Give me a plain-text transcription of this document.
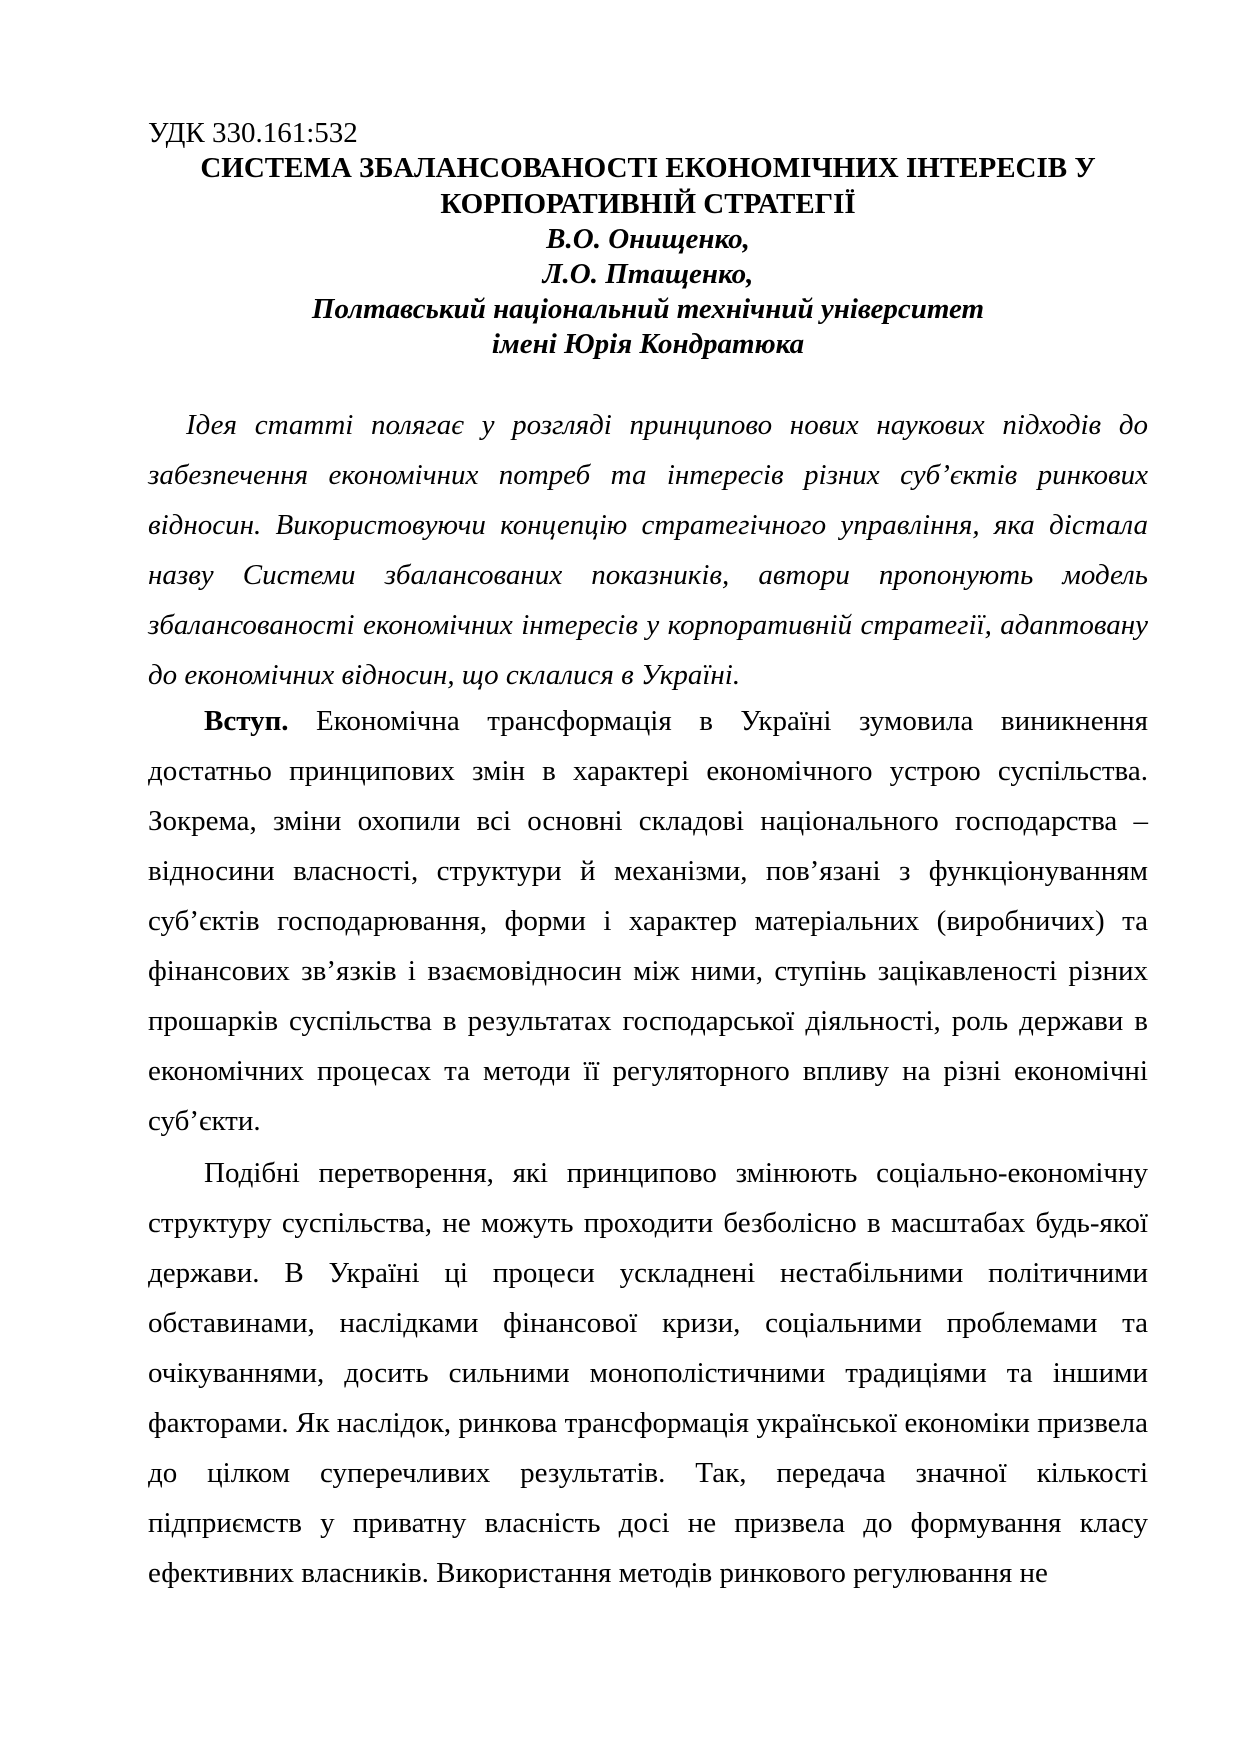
УДК 330.161:532
СИСТЕМА ЗБАЛАНСОВАНОСТІ ЕКОНОМІЧНИХ ІНТЕРЕСІВ У
КОРПОРАТИВНІЙ СТРАТЕГІЇ
В.О. Онищенко,
Л.О. Птащенко,
Полтавський національний технічний університет
імені Юрія Кондратюка

Ідея статті полягає у розгляді принципово нових наукових підходів до забезпечення економічних потреб та інтересів різних суб’єктів ринкових відносин. Використовуючи концепцію стратегічного управління, яка дістала назву Системи збалансованих показників, автори пропонують модель збалансованості економічних інтересів у корпоративній стратегії, адаптовану до економічних відносин, що склалися в Україні.

Вступ. Економічна трансформація в Україні зумовила виникнення достатньо принципових змін в характері економічного устрою суспільства. Зокрема, зміни охопили всі основні складові національного господарства – відносини власності, структури й механізми, пов’язані з функціонуванням суб’єктів господарювання, форми і характер матеріальних (виробничих) та фінансових зв’язків і взаємовідносин між ними, ступінь зацікавленості різних прошарків суспільства в результатах господарської діяльності, роль держави в економічних процесах та методи її регуляторного впливу на різні економічні суб’єкти.

Подібні перетворення, які принципово змінюють соціально-економічну структуру суспільства, не можуть проходити безболісно в масштабах будь-якої держави. В Україні ці процеси ускладнені нестабільними політичними обставинами, наслідками фінансової кризи, соціальними проблемами та очікуваннями, досить сильними монополістичними традиціями та іншими факторами. Як наслідок, ринкова трансформація української економіки призвела до цілком суперечливих результатів. Так, передача значної кількості підприємств у приватну власність досі не призвела до формування класу ефективних власників. Використання методів ринкового регулювання не
